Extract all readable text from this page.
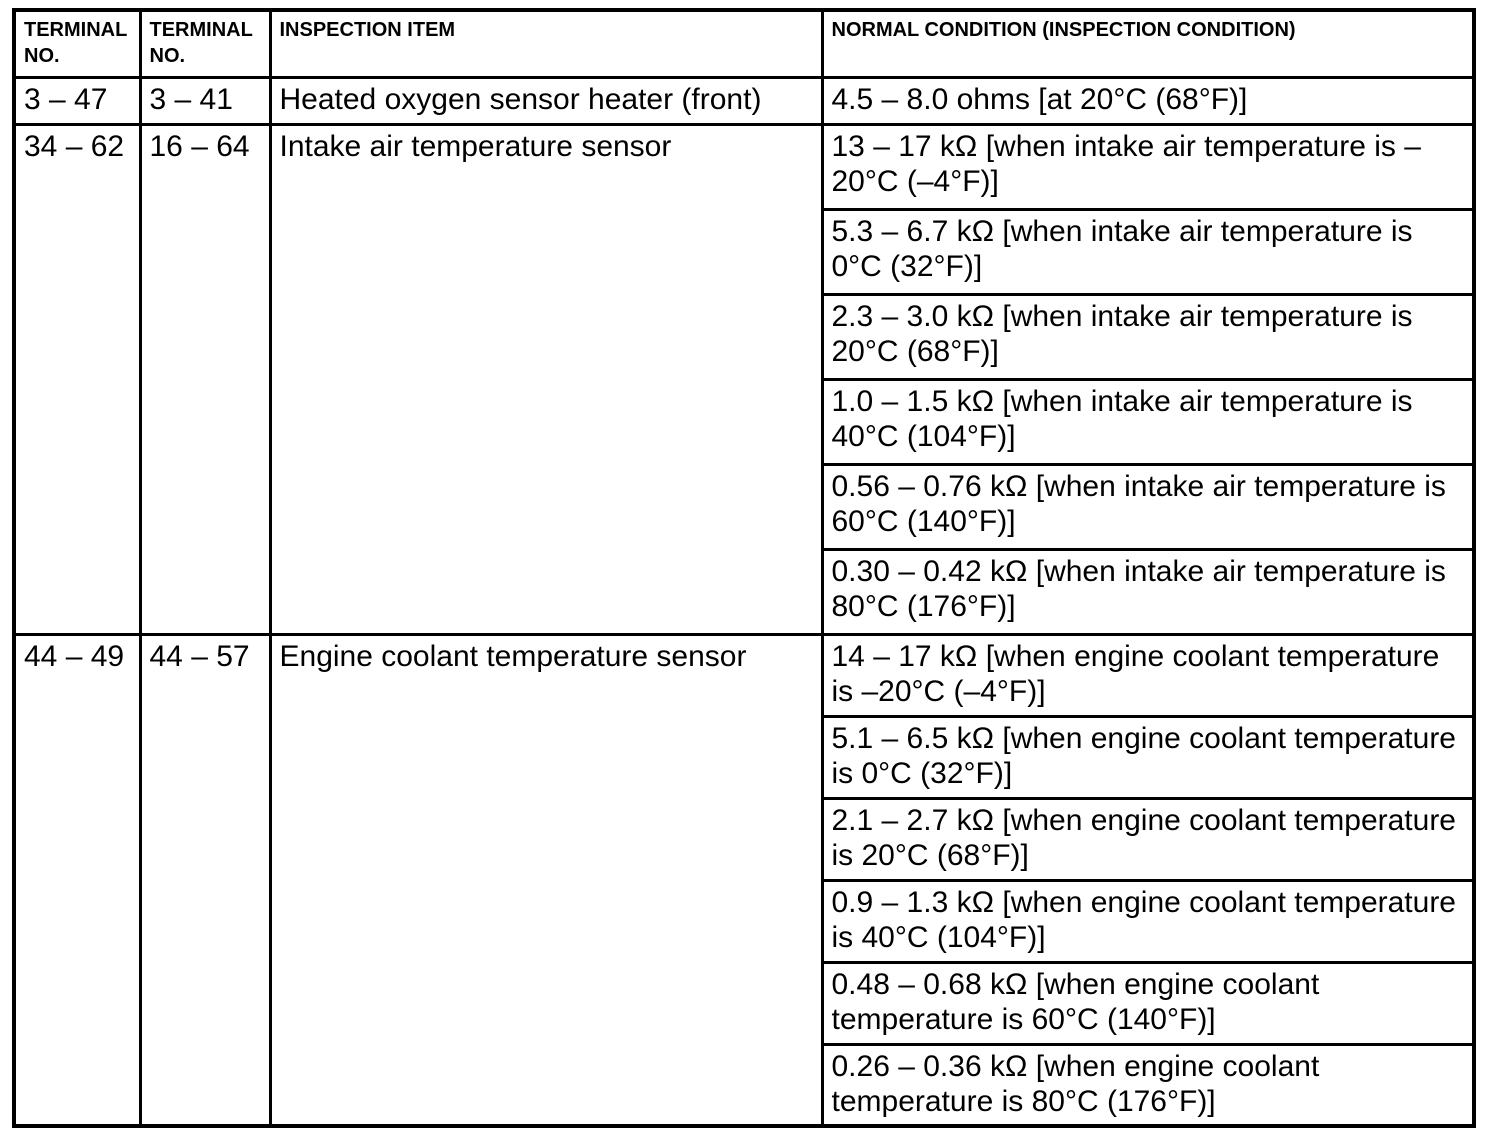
TERMINAL NO.	TERMINAL NO.	INSPECTION ITEM	NORMAL CONDITION (INSPECTION CONDITION)
3 – 47	3 – 41	Heated oxygen sensor heater (front)	4.5 – 8.0 ohms [at 20°C (68°F)]
34 – 62	16 – 64	Intake air temperature sensor	13 – 17 kΩ [when intake air temperature is –20°C (–4°F)]
			5.3 – 6.7 kΩ [when intake air temperature is 0°C (32°F)]
			2.3 – 3.0 kΩ [when intake air temperature is 20°C (68°F)]
			1.0 – 1.5 kΩ [when intake air temperature is 40°C (104°F)]
			0.56 – 0.76 kΩ [when intake air temperature is 60°C (140°F)]
			0.30 – 0.42 kΩ [when intake air temperature is 80°C (176°F)]
44 – 49	44 – 57	Engine coolant temperature sensor	14 – 17 kΩ [when engine coolant temperature is –20°C (–4°F)]
			5.1 – 6.5 kΩ [when engine coolant temperature is 0°C (32°F)]
			2.1 – 2.7 kΩ [when engine coolant temperature is 20°C (68°F)]
			0.9 – 1.3 kΩ [when engine coolant temperature is 40°C (104°F)]
			0.48 – 0.68 kΩ [when engine coolant temperature is 60°C (140°F)]
			0.26 – 0.36 kΩ [when engine coolant temperature is 80°C (176°F)]
